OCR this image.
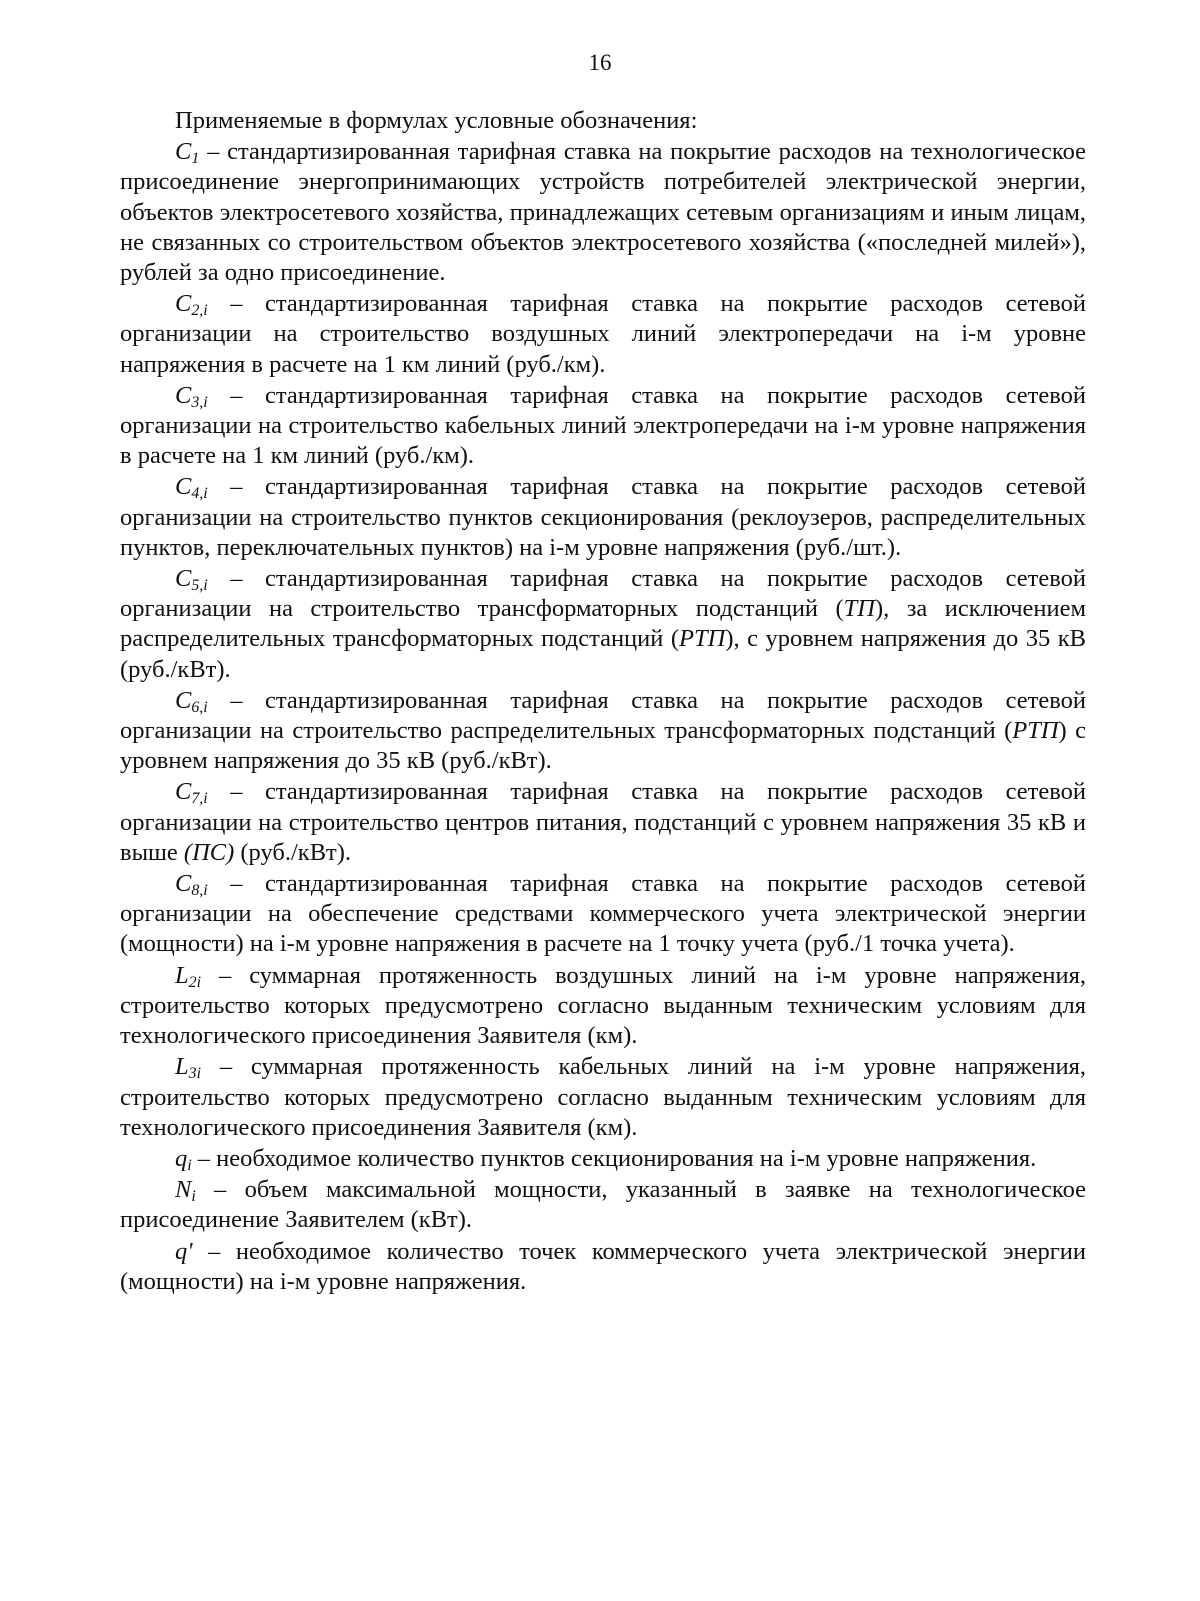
16

Применяемые в формулах условные обозначения:

$C_1$ – стандартизированная тарифная ставка на покрытие расходов на технологическое присоединение энергопринимающих устройств потребителей электрической энергии, объектов электросетевого хозяйства, принадлежащих сетевым организациям и иным лицам, не связанных со строительством объектов электросетевого хозяйства («последней милей»), рублей за одно присоединение.

$C_{2,i}$ – стандартизированная тарифная ставка на покрытие расходов сетевой организации на строительство воздушных линий электропередачи на i-м уровне напряжения в расчете на 1 км линий (руб./км).

$C_{3,i}$ – стандартизированная тарифная ставка на покрытие расходов сетевой организации на строительство кабельных линий электропередачи на i-м уровне напряжения в расчете на 1 км линий (руб./км).

$C_{4,i}$ – стандартизированная тарифная ставка на покрытие расходов сетевой организации на строительство пунктов секционирования (реклоузеров, распределительных пунктов, переключательных пунктов) на i-м уровне напряжения (руб./шт.).

$C_{5,i}$ – стандартизированная тарифная ставка на покрытие расходов сетевой организации на строительство трансформаторных подстанций (ТП), за исключением распределительных трансформаторных подстанций (РТП), с уровнем напряжения до 35 кВ (руб./кВт).

$C_{6,i}$ – стандартизированная тарифная ставка на покрытие расходов сетевой организации на строительство распределительных трансформаторных подстанций (РТП) с уровнем напряжения до 35 кВ (руб./кВт).

$C_{7,i}$ – стандартизированная тарифная ставка на покрытие расходов сетевой организации на строительство центров питания, подстанций с уровнем напряжения 35 кВ и выше (ПС) (руб./кВт).

$C_{8,i}$ – стандартизированная тарифная ставка на покрытие расходов сетевой организации на обеспечение средствами коммерческого учета электрической энергии (мощности) на i-м уровне напряжения в расчете на 1 точку учета (руб./1 точка учета).

$L_{2i}$ – суммарная протяженность воздушных линий на i-м уровне напряжения, строительство которых предусмотрено согласно выданным техническим условиям для технологического присоединения Заявителя (км).

$L_{3i}$ – суммарная протяженность кабельных линий на i-м уровне напряжения, строительство которых предусмотрено согласно выданным техническим условиям для технологического присоединения Заявителя (км).

$q_i$ – необходимое количество пунктов секционирования на i-м уровне напряжения.

$N_i$ – объем максимальной мощности, указанный в заявке на технологическое присоединение Заявителем (кВт).

q' – необходимое количество точек коммерческого учета электрической энергии (мощности) на i-м уровне напряжения.
